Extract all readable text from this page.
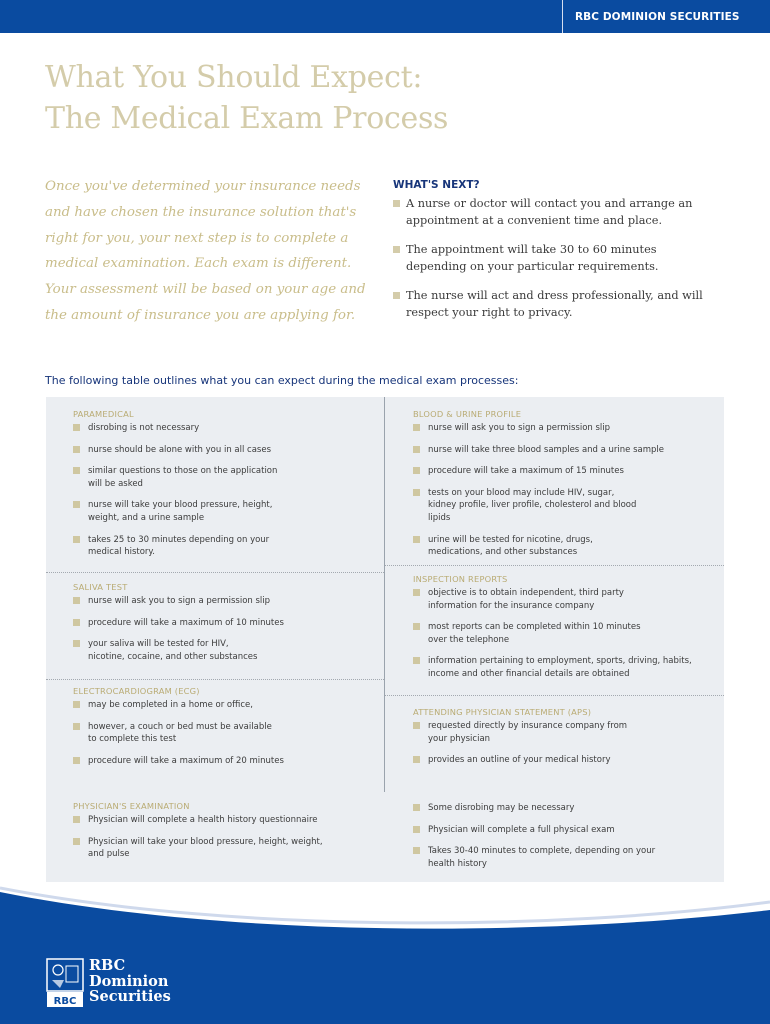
RBC DOMINION SECURITIES
What You Should Expect:
The Medical Exam Process

Once you've determined your insurance needs and have chosen the insurance solution that's right for you, your next step is to complete a medical examination. Each exam is different. Your assessment will be based on your age and the amount of insurance you are applying for.

WHAT'S NEXT?
A nurse or doctor will contact you and arrange an appointment at a convenient time and place.
The appointment will take 30 to 60 minutes depending on your particular requirements.
The nurse will act and dress professionally, and will respect your right to privacy.
The following table outlines what you can expect during the medical exam processes:
PARAMEDICAL
disrobing is not necessary
nurse should be alone with you in all cases
similar questions to those on the application will be asked
nurse will take your blood pressure, height, weight, and a urine sample
takes 25 to 30 minutes depending on your medical history.
SALIVA TEST
nurse will ask you to sign a permission slip
procedure will take a maximum of 10 minutes
your saliva will be tested for HIV, nicotine, cocaine, and other substances
ELECTROCARDIOGRAM (ECG)
may be completed in a home or office,
however, a couch or bed must be available to complete this test
procedure will take a maximum of 20 minutes
BLOOD & URINE PROFILE
nurse will ask you to sign a permission slip
nurse will take three blood samples and a urine sample
procedure will take a maximum of 15 minutes
tests on your blood may include HIV, sugar, kidney profile, liver profile, cholesterol and blood lipids
urine will be tested for nicotine, drugs, medications, and other substances
INSPECTION REPORTS
objective is to obtain independent, third party information for the insurance company
most reports can be completed within 10 minutes over the telephone
information pertaining to employment, sports, driving, habits, income and other financial details are obtained
ATTENDING PHYSICIAN STATEMENT (APS)
requested directly by insurance company from your physician
provides an outline of your medical history
PHYSICIAN'S EXAMINATION
Physician will complete a health history questionnaire
Physician will take your blood pressure, height, weight, and pulse
Some disrobing may be necessary
Physician will complete a full physical exam
Takes 30-40 minutes to complete, depending on your health history
RBC
RBC
Dominion
Securities
